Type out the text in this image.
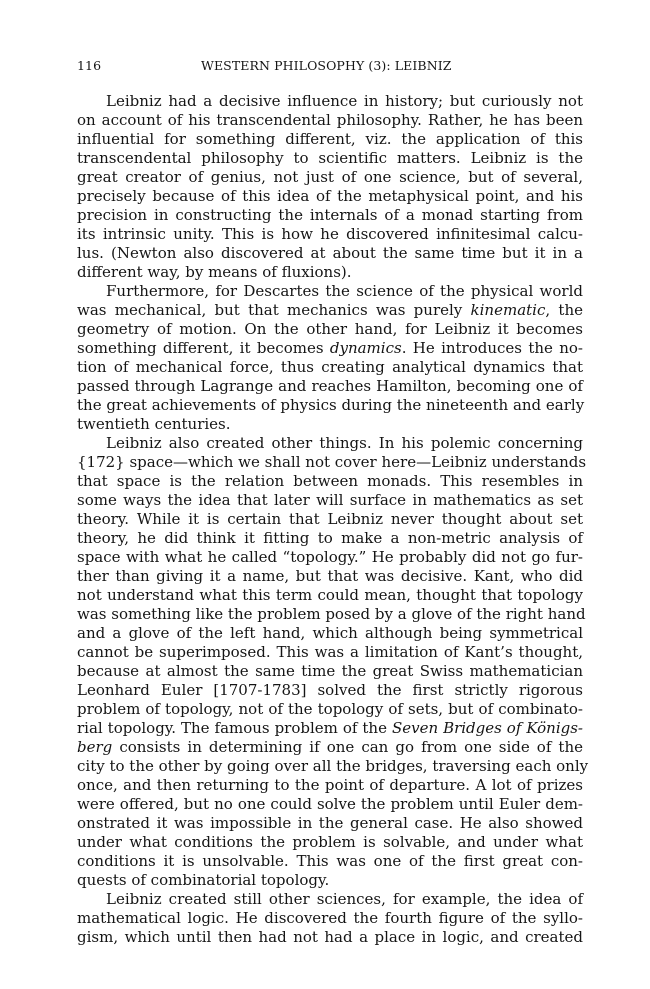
116	WESTERN PHILOSOPHY (3): LEIBNIZ
Leibniz had a decisive influence in history; but curiously not
on account of his transcendental philosophy. Rather, he has been
influential for something different, viz. the application of this
transcendental philosophy to scientific matters. Leibniz is the
great creator of genius, not just of one science, but of several,
precisely because of this idea of the metaphysical point, and his
precision in constructing the internals of a monad starting from
its intrinsic unity. This is how he discovered infinitesimal calcu-
lus. (Newton also discovered at about the same time but it in a
different way, by means of fluxions).
Furthermore, for Descartes the science of the physical world
was mechanical, but that mechanics was purely kinematic, the
geometry of motion. On the other hand, for Leibniz it becomes
something different, it becomes dynamics. He introduces the no-
tion of mechanical force, thus creating analytical dynamics that
passed through Lagrange and reaches Hamilton, becoming one of
the great achievements of physics during the nineteenth and early
twentieth centuries.
Leibniz also created other things. In his polemic concerning
{172} space—which we shall not cover here—Leibniz understands
that space is the relation between monads. This resembles in
some ways the idea that later will surface in mathematics as set
theory. While it is certain that Leibniz never thought about set
theory, he did think it fitting to make a non-metric analysis of
space with what he called “topology.” He probably did not go fur-
ther than giving it a name, but that was decisive. Kant, who did
not understand what this term could mean, thought that topology
was something like the problem posed by a glove of the right hand
and a glove of the left hand, which although being symmetrical
cannot be superimposed. This was a limitation of Kant’s thought,
because at almost the same time the great Swiss mathematician
Leonhard Euler [1707-1783] solved the first strictly rigorous
problem of topology, not of the topology of sets, but of combinato-
rial topology. The famous problem of the Seven Bridges of Königs-
berg consists in determining if one can go from one side of the
city to the other by going over all the bridges, traversing each only
once, and then returning to the point of departure. A lot of prizes
were offered, but no one could solve the problem until Euler dem-
onstrated it was impossible in the general case. He also showed
under what conditions the problem is solvable, and under what
conditions it is unsolvable. This was one of the first great con-
quests of combinatorial topology.
Leibniz created still other sciences, for example, the idea of
mathematical logic. He discovered the fourth figure of the syllo-
gism, which until then had not had a place in logic, and created
